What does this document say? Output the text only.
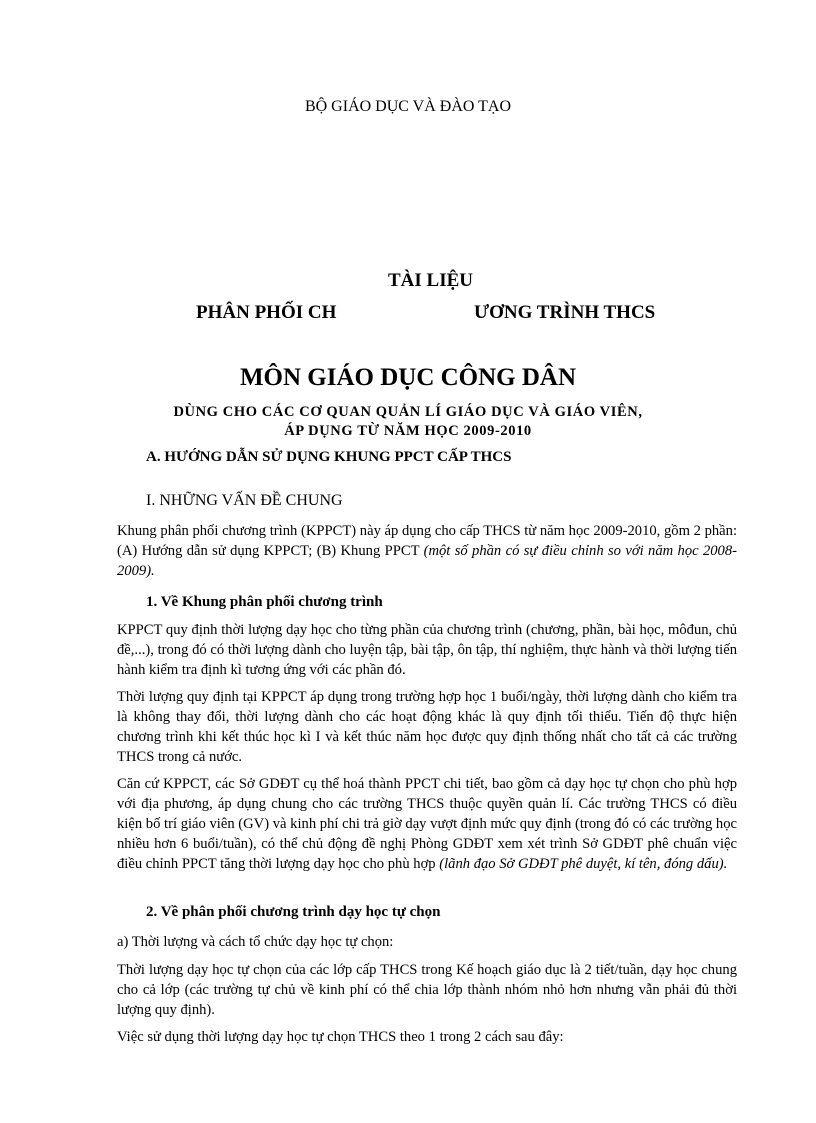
BỘ GIÁO DỤC VÀ ĐÀO TẠO
TÀI LIỆU
PHÂN PHỐI CH	ƯƠNG TRÌNH THCS
MÔN GIÁO DỤC CÔNG DÂN
DÙNG CHO CÁC CƠ QUAN QUẢN LÍ GIÁO DỤC VÀ GIÁO VIÊN,
ÁP DỤNG TỪ NĂM HỌC 2009-2010
A. HƯỚNG DẪN SỬ DỤNG KHUNG PPCT CẤP THCS
I. NHỮNG VẤN ĐỀ CHUNG
Khung phân phối chương trình (KPPCT) này áp dụng cho cấp THCS từ năm học 2009-2010, gồm 2 phần: (A) Hướng dẫn sử dụng KPPCT; (B) Khung PPCT (một số phần có sự điều chỉnh so với năm học 2008-2009).
1. Về Khung phân phối chương trình
KPPCT quy định thời lượng dạy học cho từng phần của chương trình (chương, phần, bài học, môđun, chủ đề,...), trong đó có thời lượng dành cho luyện tập, bài tập, ôn tập, thí nghiệm, thực hành và thời lượng tiến hành kiểm tra định kì tương ứng với các phần đó.
Thời lượng quy định tại KPPCT áp dụng trong trường hợp học 1 buổi/ngày, thời lượng dành cho kiểm tra là không thay đổi, thời lượng dành cho các hoạt động khác là quy định tối thiểu. Tiến độ thực hiện chương trình khi kết thúc học kì I và kết thúc năm học được quy định thống nhất cho tất cả các trường THCS trong cả nước.
Căn cứ KPPCT, các Sở GDĐT cụ thể hoá thành PPCT chi tiết, bao gồm cả dạy học tự chọn cho phù hợp với địa phương, áp dụng chung cho các trường THCS thuộc quyền quản lí. Các trường THCS có điều kiện bố trí giáo viên (GV) và kinh phí chi trả giờ dạy vượt định mức quy định (trong đó có các trường học nhiều hơn 6 buổi/tuần), có thể chủ động đề nghị Phòng GDĐT xem xét trình Sở GDĐT phê chuẩn việc điều chỉnh PPCT tăng thời lượng dạy học cho phù hợp (lãnh đạo Sở GDĐT phê duyệt, kí tên, đóng dấu).
2. Về phân phối chương trình dạy học tự chọn
a) Thời lượng và cách tổ chức dạy học tự chọn:
Thời lượng dạy học tự chọn của các lớp cấp THCS trong Kế hoạch giáo dục là 2 tiết/tuần, dạy học chung cho cả lớp (các trường tự chủ về kinh phí có thể chia lớp thành nhóm nhỏ hơn nhưng vẫn phải đủ thời lượng quy định).
Việc sử dụng thời lượng dạy học tự chọn THCS theo 1 trong 2 cách sau đây:
